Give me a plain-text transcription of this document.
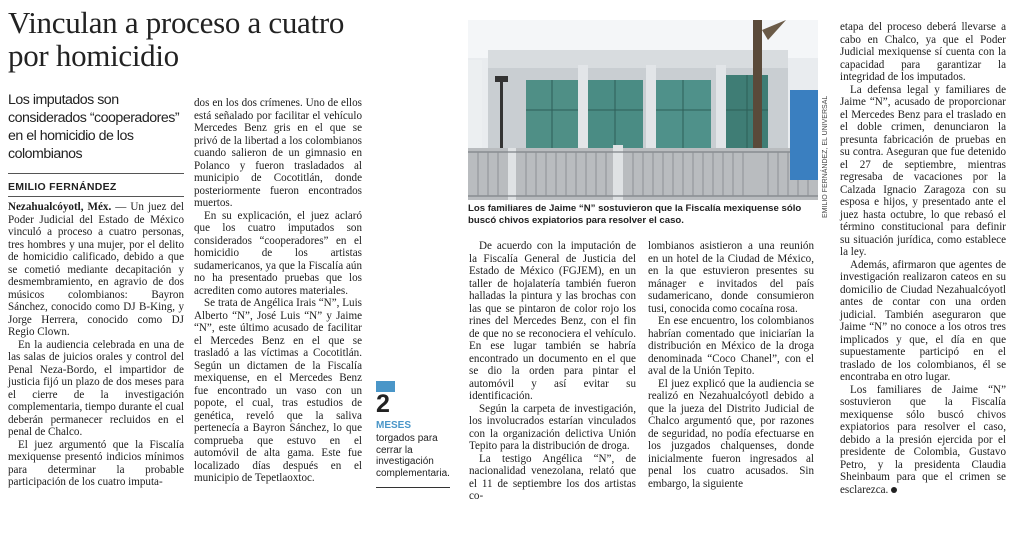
Vinculan a proceso a cuatro por homicidio
Los imputados son considerados “cooperadores” en el homicidio de los colombianos
EMILIO FERNÁNDEZ

Nezahualcóyotl, Méx. — Un juez del Poder Judicial del Estado de México vinculó a proceso a cuatro personas, tres hombres y una mujer, por el delito de homicidio calificado, debido a que se cometió mediante decapitación y desmembramiento, en agravio de dos músicos colombianos: Bayron Sánchez, conocido como DJ B-King, y Jorge Herrera, conocido como DJ Regio Clown.

En la audiencia celebrada en una de las salas de juicios orales y control del Penal Neza-Bordo, el impartidor de justicia fijó un plazo de dos meses para el cierre de la investigación complementaria, tiempo durante el cual deberán permanecer recluidos en el penal de Chalco.

El juez argumentó que la Fiscalía mexiquense presentó indicios mínimos para determinar la probable participación de los cuatro imputa-

dos en los dos crímenes. Uno de ellos está señalado por facilitar el vehículo Mercedes Benz gris en el que se privó de la libertad a los colombianos cuando salieron de un gimnasio en Polanco y fueron trasladados al municipio de Cocotitlán, donde posteriormente fueron encontrados muertos.

En su explicación, el juez aclaró que los cuatro imputados son considerados “cooperadores” en el homicidio de los artistas sudamericanos, ya que la Fiscalía aún no ha presentado pruebas que los acrediten como autores materiales.

Se trata de Angélica Irais “N”, Luis Alberto “N”, José Luis “N” y Jaime “N”, este último acusado de facilitar el Mercedes Benz en el que se trasladó a las víctimas a Cocotitlán. Según un dictamen de la Fiscalía mexiquense, en el Mercedes Benz fue encontrado un vaso con un popote, el cual, tras estudios de genética, reveló que la saliva pertenecía a Bayron Sánchez, lo que comprueba que estuvo en el automóvil de alta gama. Este fue localizado días después en el municipio de Tepetlaoxtoc.

2
MESES
torgados para cerrar la investigación complementaria.
EMILIO FERNÁNDEZ, EL UNIVERSAL
Los familiares de Jaime “N” sostuvieron que la Fiscalía mexiquense sólo buscó chivos expiatorios para resolver el caso.

De acuerdo con la imputación de la Fiscalía General de Justicia del Estado de México (FGJEM), en un taller de hojalatería también fueron halladas la pintura y las brochas con las que se pintaron de color rojo los rines del Mercedes Benz, con el fin de que no se reconociera el vehículo. En ese lugar también se habría encontrado un documento en el que se dio la orden para pintar el automóvil y así evitar su identificación.

Según la carpeta de investigación, los involucrados estarían vinculados con la organización delictiva Unión Tepito para la distribución de droga.

La testigo Angélica “N”, de nacionalidad venezolana, relató que el 11 de septiembre los dos artistas co-

lombianos asistieron a una reunión en un hotel de la Ciudad de México, en la que estuvieron presentes su mánager e invitados del país sudamericano, donde consumieron tusi, conocida como cocaína rosa.

En ese encuentro, los colombianos habrían comentado que iniciarían la distribución en México de la droga denominada “Coco Chanel”, con el aval de la Unión Tepito.

El juez explicó que la audiencia se realizó en Nezahualcóyotl debido a que la jueza del Distrito Judicial de Chalco argumentó que, por razones de seguridad, no podía efectuarse en los juzgados chalquenses, donde inicialmente fueron ingresados al penal los cuatro acusados. Sin embargo, la siguiente

etapa del proceso deberá llevarse a cabo en Chalco, ya que el Poder Judicial mexiquense sí cuenta con la capacidad para garantizar la integridad de los imputados.

La defensa legal y familiares de Jaime “N”, acusado de proporcionar el Mercedes Benz para el traslado en el doble crimen, denunciaron la presunta fabricación de pruebas en su contra. Aseguran que fue detenido el 27 de septiembre, mientras regresaba de vacaciones por la Calzada Ignacio Zaragoza con su esposa e hijos, y presentado ante el juez hasta octubre, lo que rebasó el término constitucional para definir su situación jurídica, como establece la ley.

Además, afirmaron que agentes de investigación realizaron cateos en su domicilio de Ciudad Nezahualcóyotl antes de contar con una orden judicial. También aseguraron que Jaime “N” no conoce a los otros tres implicados y que, el día en que supuestamente participó en el traslado de los colombianos, él se encontraba en otro lugar.

Los familiares de Jaime “N” sostuvieron que la Fiscalía mexiquense sólo buscó chivos expiatorios para resolver el caso, debido a la presión ejercida por el presidente de Colombia, Gustavo Petro, y la presidenta Claudia Sheinbaum para que el crimen se esclarezca.
